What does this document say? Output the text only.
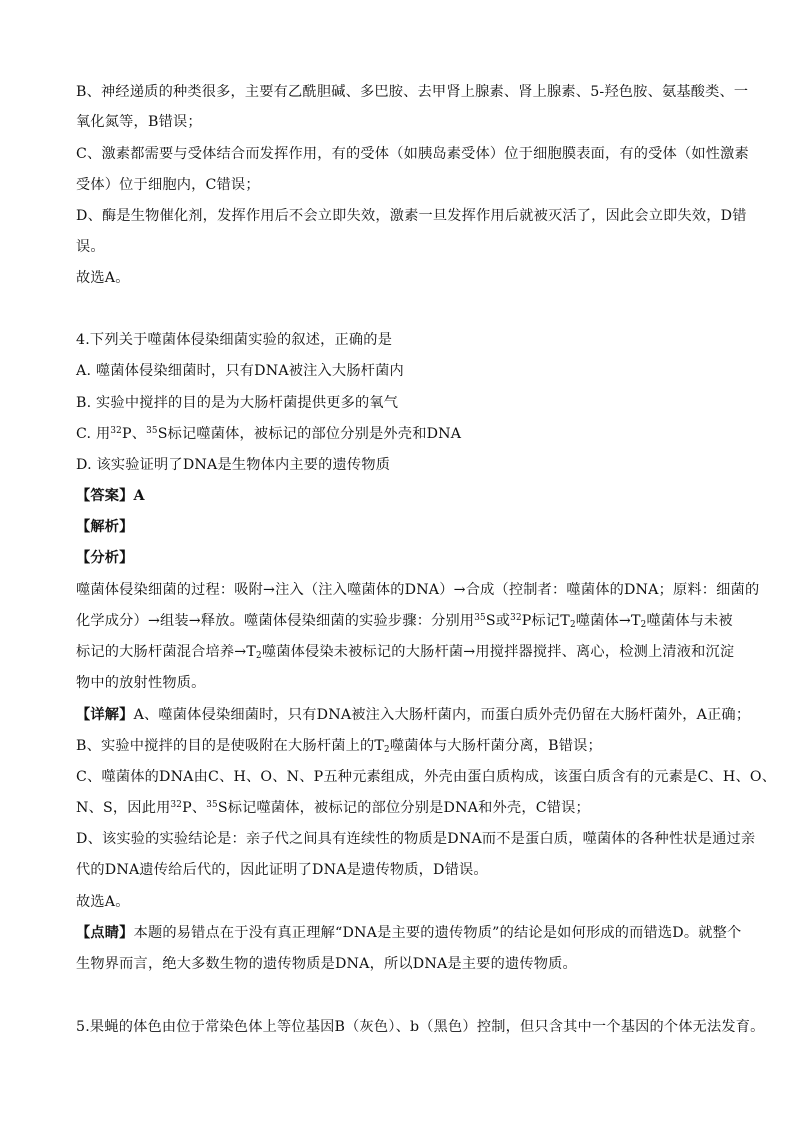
B、神经递质的种类很多，主要有乙酰胆碱、多巴胺、去甲肾上腺素、肾上腺素、5-羟色胺、氨基酸类、一
氧化氮等，B错误；
C、激素都需要与受体结合而发挥作用，有的受体（如胰岛素受体）位于细胞膜表面，有的受体（如性激素
受体）位于细胞内，C错误；
D、酶是生物催化剂，发挥作用后不会立即失效，激素一旦发挥作用后就被灭活了，因此会立即失效，D错
误。
故选A。
4.下列关于噬菌体侵染细菌实验的叙述，正确的是
A. 噬菌体侵染细菌时，只有DNA被注入大肠杆菌内
B. 实验中搅拌的目的是为大肠杆菌提供更多的氧气
C. 用$^{32}$P、$^{35}$S标记噬菌体，被标记的部位分别是外壳和DNA
D. 该实验证明了DNA是生物体内主要的遗传物质
【答案】A
【解析】
【分析】
噬菌体侵染细菌的过程：吸附→注入（注入噬菌体的DNA）→合成（控制者：噬菌体的DNA；原料：细菌的
化学成分）→组装→释放。噬菌体侵染细菌的实验步骤：分别用$^{35}$S或$^{32}$P标记$T_2$噬菌体$\to T_2$噬菌体与未被
标记的大肠杆菌混合培养$\to T_2$噬菌体侵染未被标记的大肠杆菌→用搅拌器搅拌、离心，检测上清液和沉淀
物中的放射性物质。
【详解】A、噬菌体侵染细菌时，只有DNA被注入大肠杆菌内，而蛋白质外壳仍留在大肠杆菌外，A正确；
B、实验中搅拌的目的是使吸附在大肠杆菌上的$T_2$噬菌体与大肠杆菌分离，B错误；
C、噬菌体的DNA由C、H、O、N、P五种元素组成，外壳由蛋白质构成，该蛋白质含有的元素是C、H、O、
N、S，因此用$^{32}$P、$^{35}$S标记噬菌体，被标记的部位分别是DNA和外壳，C错误；
D、该实验的实验结论是：亲子代之间具有连续性的物质是DNA而不是蛋白质，噬菌体的各种性状是通过亲
代的DNA遗传给后代的，因此证明了DNA是遗传物质，D错误。
故选A。
【点睛】本题的易错点在于没有真正理解“DNA是主要的遗传物质”的结论是如何形成的而错选D。就整个
生物界而言，绝大多数生物的遗传物质是DNA，所以DNA是主要的遗传物质。
5.果蝇的体色由位于常染色体上等位基因B（灰色）、b（黑色）控制，但只含其中一个基因的个体无法发育。
